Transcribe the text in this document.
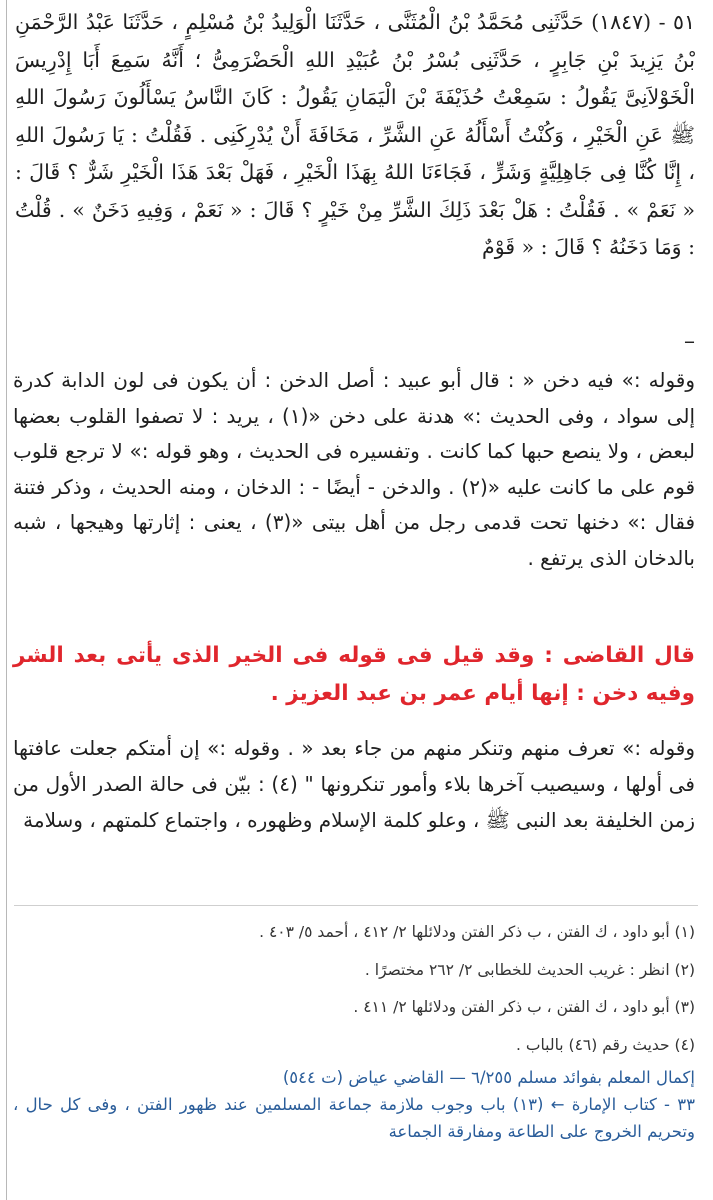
٥١ - (١٨٤٧) حَدَّثَنِى مُحَمَّدُ بْنُ الْمُثَنَّى ، حَدَّثَنَا الْوَلِيدُ بْنُ مُسْلِمٍ ، حَدَّثَنَا عَبْدُ الرَّحْمَنِ بْنُ يَزِيدَ بْنِ جَابِرٍ ، حَدَّثَنِى بُسْرُ بْنُ عُبَيْدِ اللهِ الْحَضْرَمِىُّ ؛ أَنَّهُ سَمِعَ أَبَا إِدْرِيسَ الْخَوْلاَنِىَّ يَقُولُ : سَمِعْتُ حُذَيْفَةَ بْنَ الْيَمَانِ يَقُولُ : كَانَ النَّاسُ يَسْأَلُونَ رَسُولَ اللهِ ﷺ عَنِ الْخَيْرِ ، وَكُنْتُ أَسْأَلُهُ عَنِ الشَّرِّ ، مَخَافَةَ أَنْ يُدْرِكَنِى . فَقُلْتُ : يَا رَسُولَ اللهِ ، إِنَّا كُنَّا فِى جَاهِلِيَّةٍ وَشَرٍّ ، فَجَاءَنَا اللهُ بِهَذَا الْخَيْرِ ، فَهَلْ بَعْدَ هَذَا الْخَيْرِ شَرٌّ ؟ قَالَ : « نَعَمْ » . فَقُلْتُ : هَلْ بَعْدَ ذَلِكَ الشَّرِّ مِنْ خَيْرٍ ؟ قَالَ : « نَعَمْ ، وَفِيهِ دَخَنٌ » . قُلْتُ : وَمَا دَخَنُهُ ؟ قَالَ : « قَوْمٌ

–

وقوله :» فيه دخن « : قال أبو عبيد : أصل الدخن : أن يكون فى لون الدابة كدرة إلى سواد ، وفى الحديث :» هدنة على دخن «(١) ، يريد : لا تصفوا القلوب بعضها لبعض ، ولا ينصع حبها كما كانت . وتفسيره فى الحديث ، وهو قوله :» لا ترجع قلوب قوم على ما كانت عليه «(٢) . والدخن - أيضًا - : الدخان ، ومنه الحديث ، وذكر فتنة فقال :» دخنها تحت قدمى رجل من أهل بيتى «(٣) ، يعنى : إثارتها وهيجها ، شبه بالدخان الذى يرتفع .

قال القاضى : وقد قيل فى قوله فى الخير الذى يأتى بعد الشر وفيه دخن : إنها أيام عمر بن عبد العزيز .

وقوله :» تعرف منهم وتنكر منهم من جاء بعد « . وقوله :» إن أمتكم جعلت عافتها فى أولها ، وسيصيب آخرها بلاء وأمور تنكرونها " (٤) : بيّن فى حالة الصدر الأول من زمن الخليفة بعد النبى ﷺ ، وعلو كلمة الإسلام وظهوره ، واجتماع كلمتهم ، وسلامة

(١) أبو داود ، ك الفتن ، ب ذكر الفتن ودلائلها ٢/ ٤١٢ ، أحمد ٥/ ٤٠٣ .

(٢) انظر : غريب الحديث للخطابى ٢/ ٢٦٢ مختصرًا .

(٣) أبو داود ، ك الفتن ، ب ذكر الفتن ودلائلها ٢/ ٤١١ .

(٤) حديث رقم (٤٦) بالباب .

إكمال المعلم بفوائد مسلم ٦/٢٥٥ — القاضي عياض (ت ٥٤٤)

٣٣ - كتاب الإمارة ← (١٣) باب وجوب ملازمة جماعة المسلمين عند ظهور الفتن ، وفى كل حال ، وتحريم الخروج على الطاعة ومفارقة الجماعة
